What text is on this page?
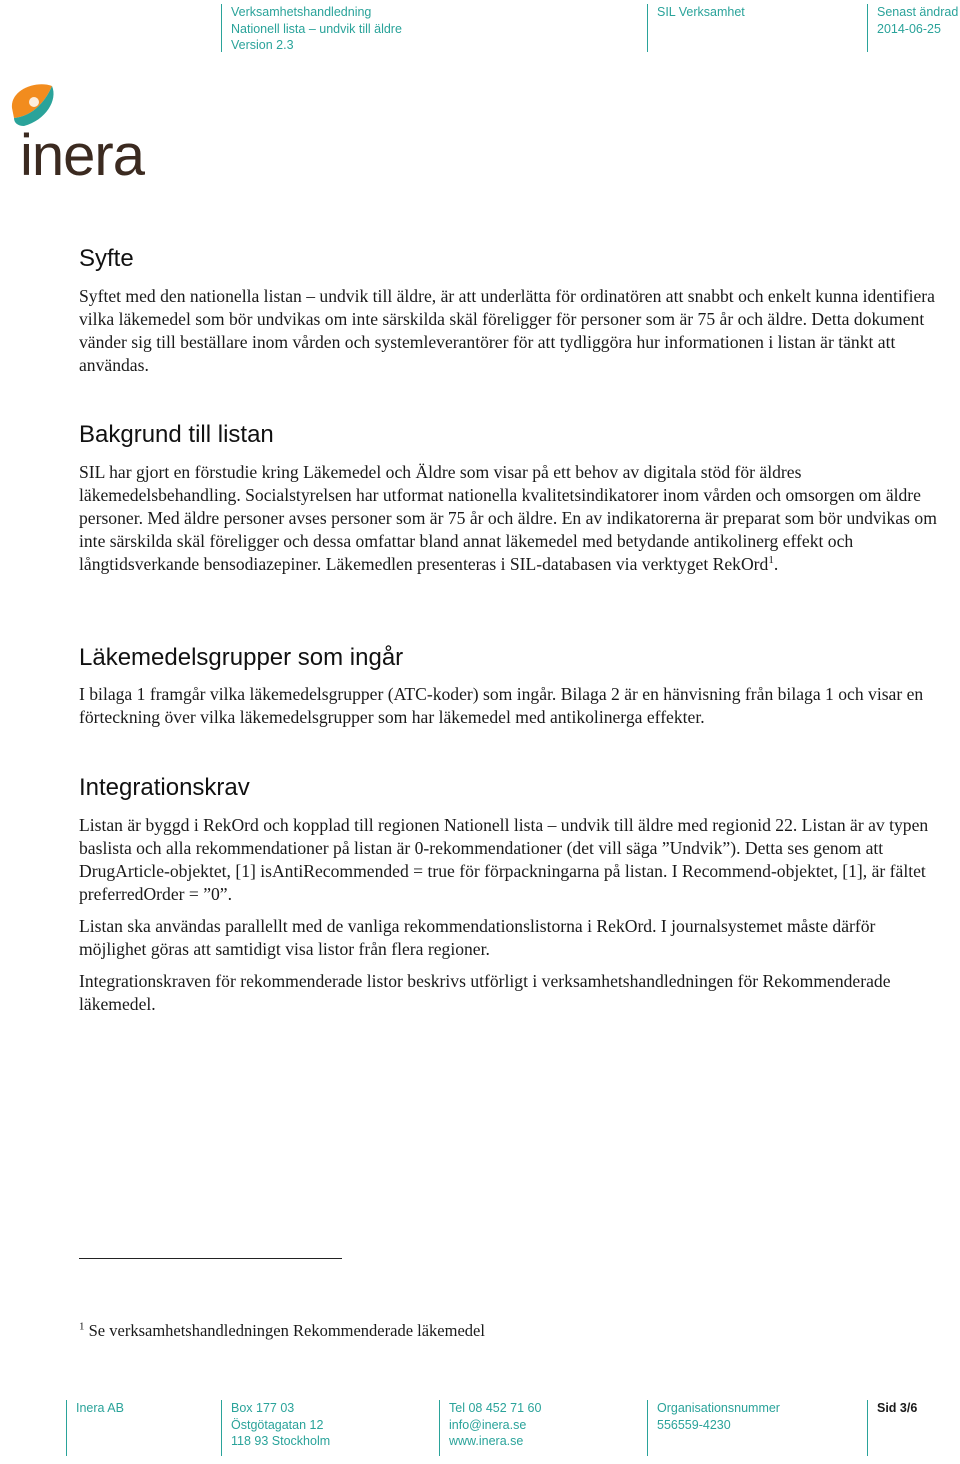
Verksamhetshandledning
Nationell lista – undvik till äldre
Version 2.3
SIL Verksamhet	Senast ändrad
2014-06-25
inera
Syfte

Syftet med den nationella listan – undvik till äldre, är att underlätta för ordinatören att snabbt och enkelt kunna identifiera vilka läkemedel som bör undvikas om inte särskilda skäl föreligger för personer som är 75 år och äldre. Detta dokument vänder sig till beställare inom vården och systemleverantörer för att tydliggöra hur informationen i listan är tänkt att användas.

Bakgrund till listan

SIL har gjort en förstudie kring Läkemedel och Äldre som visar på ett behov av digitala stöd för äldres läkemedelsbehandling. Socialstyrelsen har utformat nationella kvalitetsindikatorer inom vården och omsorgen om äldre personer. Med äldre personer avses personer som är 75 år och äldre. En av indikatorerna är preparat som bör undvikas om inte särskilda skäl föreligger och dessa omfattar bland annat läkemedel med betydande antikolinerg effekt och långtidsverkande bensodiazepiner. Läkemedlen presenteras i SIL-databasen via verktyget RekOrd$^1$.

Läkemedelsgrupper som ingår

I bilaga 1 framgår vilka läkemedelsgrupper (ATC-koder) som ingår. Bilaga 2 är en hänvisning från bilaga 1 och visar en förteckning över vilka läkemedelsgrupper som har läkemedel med antikolinerga effekter.

Integrationskrav

Listan är byggd i RekOrd och kopplad till regionen Nationell lista – undvik till äldre med regionid 22. Listan är av typen baslista och alla rekommendationer på listan är 0-rekommendationer (det vill säga ”Undvik”). Detta ses genom att DrugArticle-objektet, [1] isAntiRecommended = true för förpackningarna på listan. I Recommend-objektet, [1], är fältet preferredOrder = ”0”.

Listan ska användas parallellt med de vanliga rekommendationslistorna i RekOrd. I journalsystemet måste därför möjlighet göras att samtidigt visa listor från flera regioner.

Integrationskraven för rekommenderade listor beskrivs utförligt i verksamhetshandledningen för Rekommenderade läkemedel.

$^1$ Se verksamhetshandledningen Rekommenderade läkemedel
Inera AB	Box 177 03
Östgötagatan 12
118 93 Stockholm
Tel 08 452 71 60
info@inera.se
www.inera.se
Organisationsnummer
556559-4230
Sid 3/6
